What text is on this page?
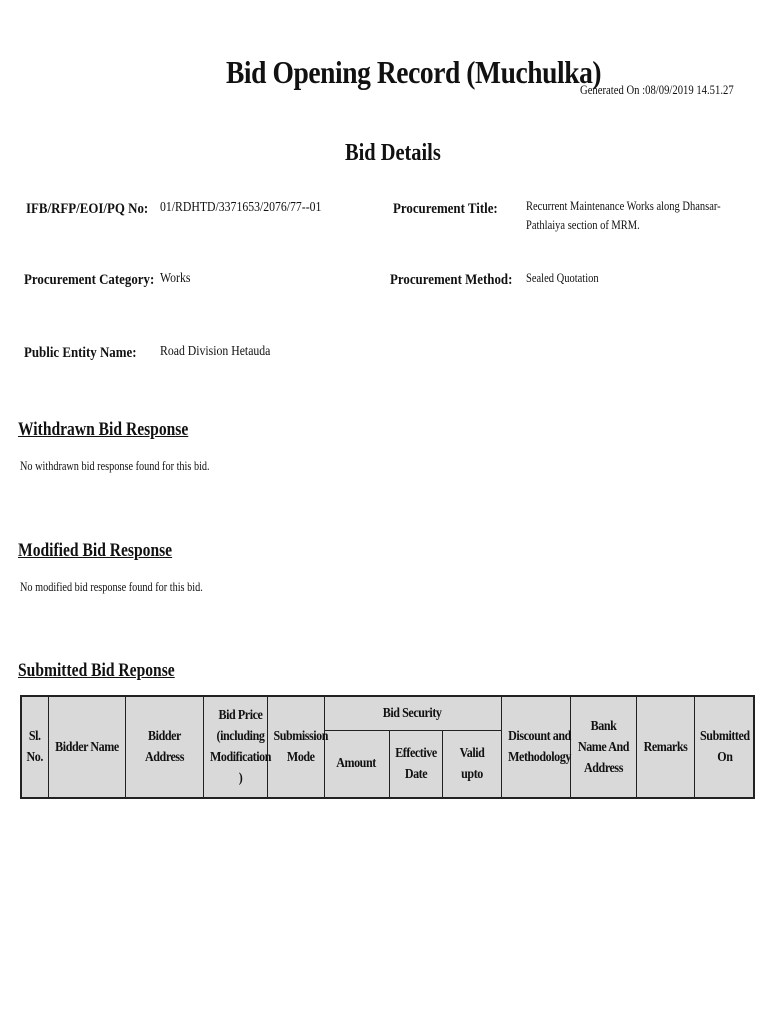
Bid Opening Record (Muchulka)
Generated On :08/09/2019 14.51.27
Bid Details
IFB/RFP/EOI/PQ No: 01/RDHTD/3371653/2076/77--01	Procurement Title: Recurrent Maintenance Works along Dhansar- Pathlaiya section of MRM.
Procurement Category: Works	Procurement Method: Sealed Quotation
Public Entity Name: Road Division Hetauda
Withdrawn Bid Response
No withdrawn bid response found for this bid.
Modified Bid Response
No modified bid response found for this bid.
Submitted Bid Reponse
Sl. No.	Bidder Name	Bidder Address	Bid Price (including Modification )	Submission Mode	Bid Security			Discount and Methodology	Bank Name And Address	Remarks	Submitted On
					Amount	Effective Date	Valid upto				
